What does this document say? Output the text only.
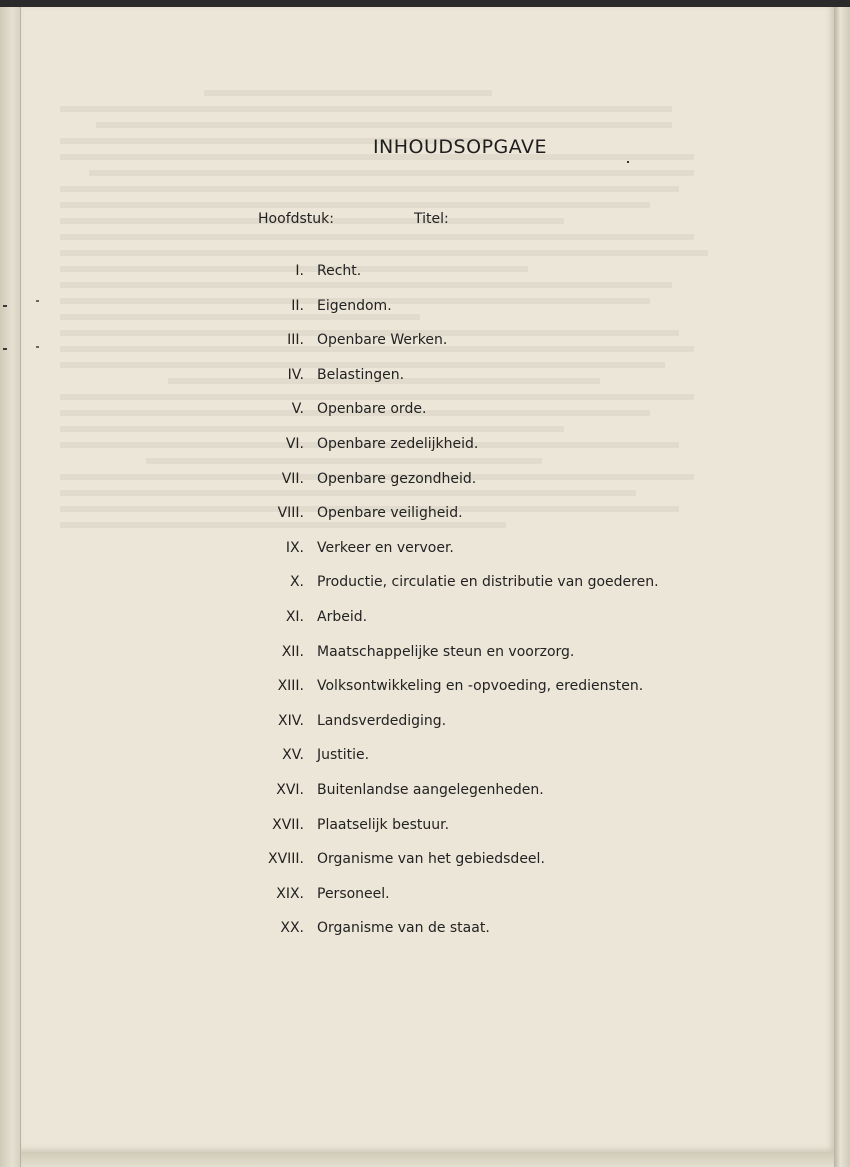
INHOUDSOPGAVE
Hoofdstuk:	Titel:
I. Recht.
II. Eigendom.
III. Openbare Werken.
IV. Belastingen.
V. Openbare orde.
VI. Openbare zedelijkheid.
VII. Openbare gezondheid.
VIII. Openbare veiligheid.
IX. Verkeer en vervoer.
X. Productie, circulatie en distributie van goederen.
XI. Arbeid.
XII. Maatschappelijke steun en voorzorg.
XIII. Volksontwikkeling en -opvoeding, erediensten.
XIV. Landsverdediging.
XV. Justitie.
XVI. Buitenlandse aangelegenheden.
XVII. Plaatselijk bestuur.
XVIII. Organisme van het gebiedsdeel.
XIX. Personeel.
XX. Organisme van de staat.
